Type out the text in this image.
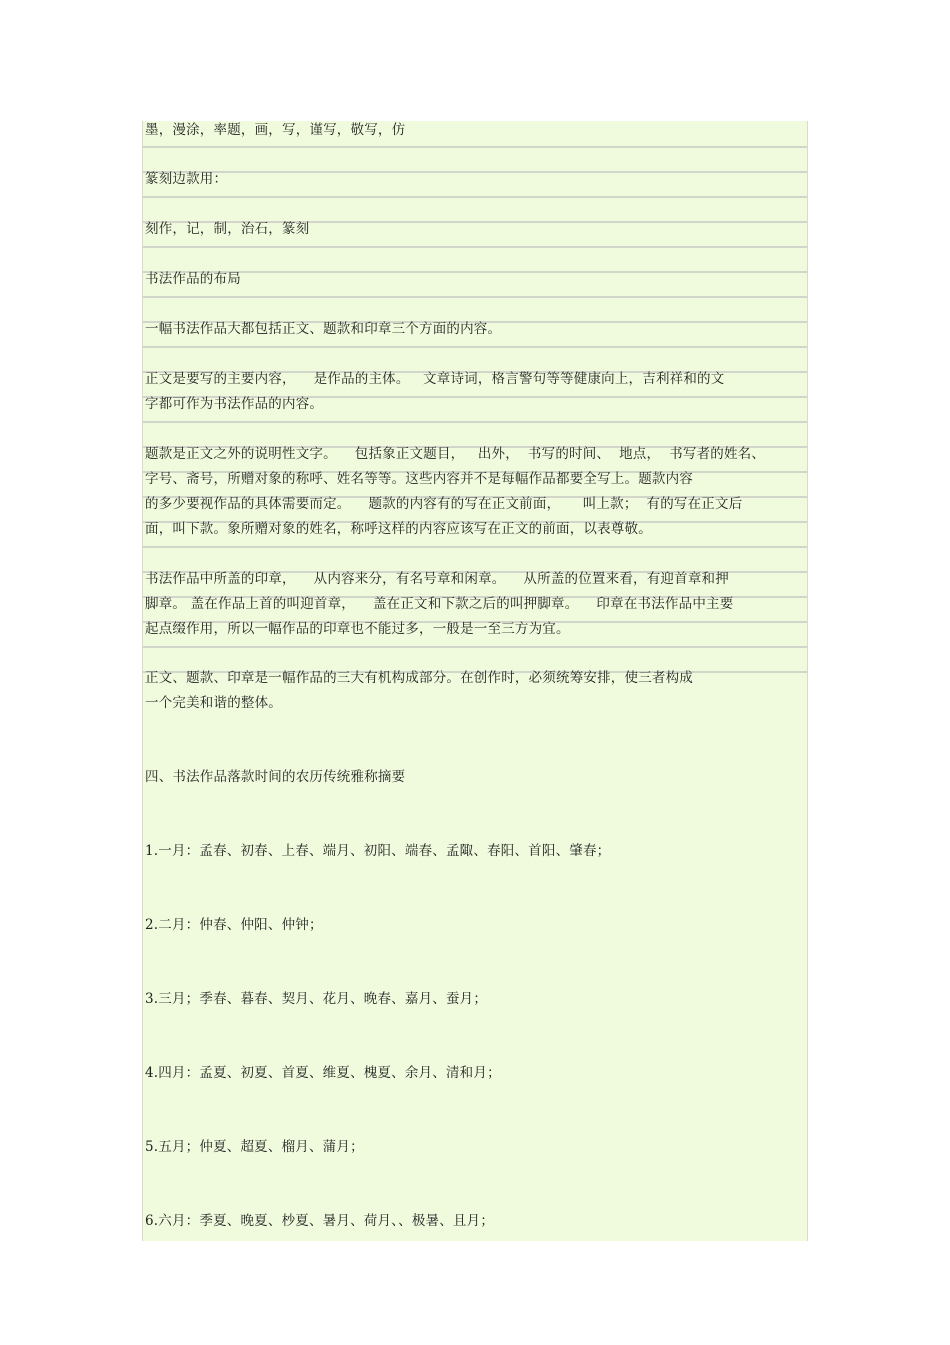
墨，漫涂，率题，画，写，谨写，敬写，仿
篆刻边款用：
刻作，记，制，治石，篆刻
书法作品的布局
一幅书法作品大都包括正文、题款和印章三个方面的内容。
正文是要写的主要内容，    是作品的主体。   文章诗词，格言警句等等健康向上，吉利祥和的文
字都可作为书法作品的内容。
题款是正文之外的说明性文字。    包括象正文题目，   出外，  书写的时间、  地点，  书写者的姓名、
字号、斋号，所赠对象的称呼、姓名等等。这些内容并不是每幅作品都要全写上。题款内容
的多少要视作品的具体需要而定。    题款的内容有的写在正文前面，     叫上款；  有的写在正文后
面，叫下款。象所赠对象的姓名，称呼这样的内容应该写在正文的前面，以表尊敬。
书法作品中所盖的印章，    从内容来分，有名号章和闲章。    从所盖的位置来看，有迎首章和押
脚章。 盖在作品上首的叫迎首章，    盖在正文和下款之后的叫押脚章。    印章在书法作品中主要
起点缀作用，所以一幅作品的印章也不能过多，一般是一至三方为宜。
正文、题款、印章是一幅作品的三大有机构成部分。在创作时，必须统筹安排，使三者构成
一个完美和谐的整体。
四、书法作品落款时间的农历传统雅称摘要
1.一月：孟春、初春、上春、端月、初阳、端春、孟陬、春阳、首阳、肇春；
2.二月：仲春、仲阳、仲钟；
3.三月；季春、暮春、契月、花月、晚春、嘉月、蚕月；
4.四月：孟夏、初夏、首夏、维夏、槐夏、余月、清和月；
5.五月；仲夏、超夏、榴月、蒲月；
6.六月：季夏、晚夏、杪夏、暑月、荷月、、极暑、且月；
